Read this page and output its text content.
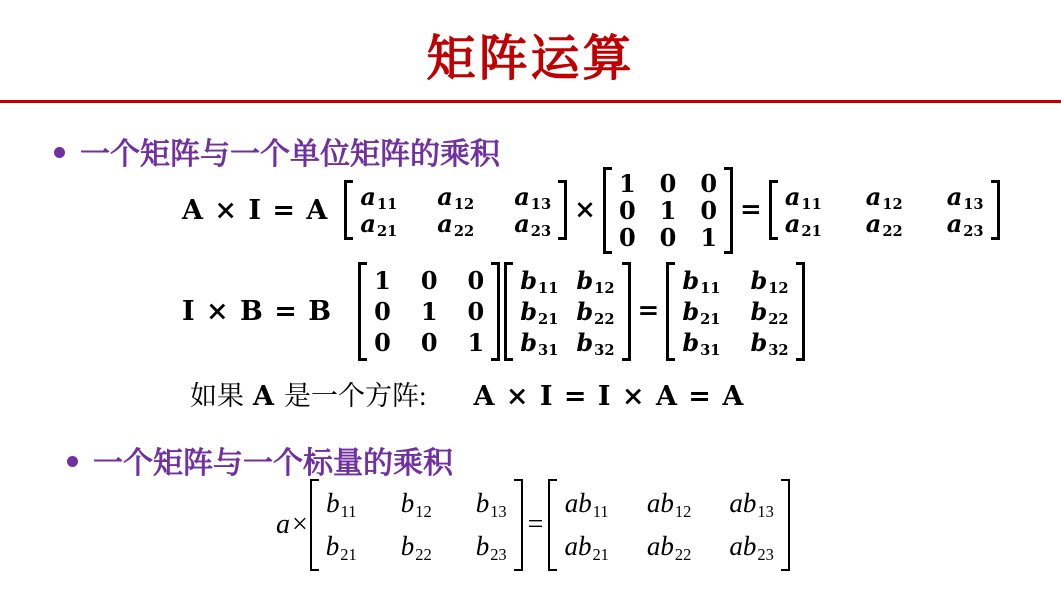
矩阵运算
一个矩阵与一个单位矩阵的乘积
A × I = A a11 a12 a13
a21 a22 a23
×
1 0 0
0 1 0
0 0 1
= a11 a12 a13
a21 a22 a23
I × B = B
1 0 0
0 1 0
0 0 1
b11 b12
b21 b22
b31 b32
=
b11 b12
b21 b22
b31 b32
如果 A 是一个方阵: A × I = I × A = A
一个矩阵与一个标量的乘积
a×
b11 b12 b13
b21 b22 b23
=
ab11 ab12 ab13
ab21 ab22 ab23
